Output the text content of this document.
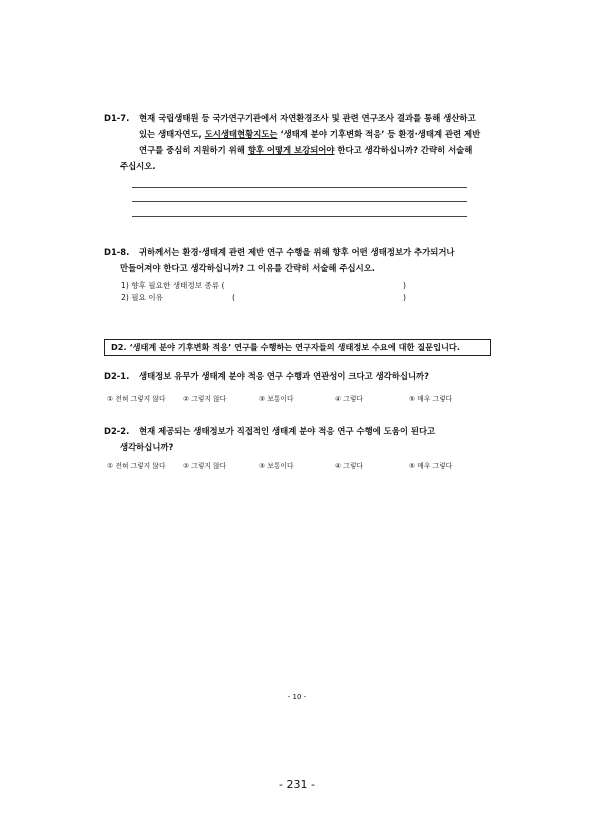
D1-7. 현재 국립생태원 등 국가연구기관에서 자연환경조사 및 관련 연구조사 결과를 통해 생산하고
있는 생태자연도, 도시생태현황지도는 ‘생태계 분야 기후변화 적응’ 등 환경·생태계 관련 제반
연구를 중심히 지원하기 위해 향후 어떻게 보강되어야 한다고 생각하십니까? 간략히 서술해
주십시오.
D1-8. 귀하께서는 환경·생태계 관련 제반 연구 수행을 위해 향후 어떤 생태정보가 추가되거나
만들어져야 한다고 생각하십니까? 그 이유를 간략히 서술해 주십시오.
1) 향후 필요한 생태정보 종류 (	)
2) 필요 이유	(	)
D2. ‘생태계 분야 기후변화 적응’ 연구를 수행하는 연구자들의 생태정보 수요에 대한 질문입니다.
D2-1. 생태정보 유무가 생태계 분야 적응 연구 수행과 연관성이 크다고 생각하십니까?
① 전혀 그렇지 않다	② 그렇지 않다	③ 보통이다	④ 그렇다	⑤ 매우 그렇다
D2-2. 현재 제공되는 생태정보가 직접적인 생태계 분야 적응 연구 수행에 도움이 된다고
생각하십니까?
① 전혀 그렇지 않다	② 그렇지 않다	③ 보통이다	④ 그렇다	⑤ 매우 그렇다
- 10 -
- 231 -
